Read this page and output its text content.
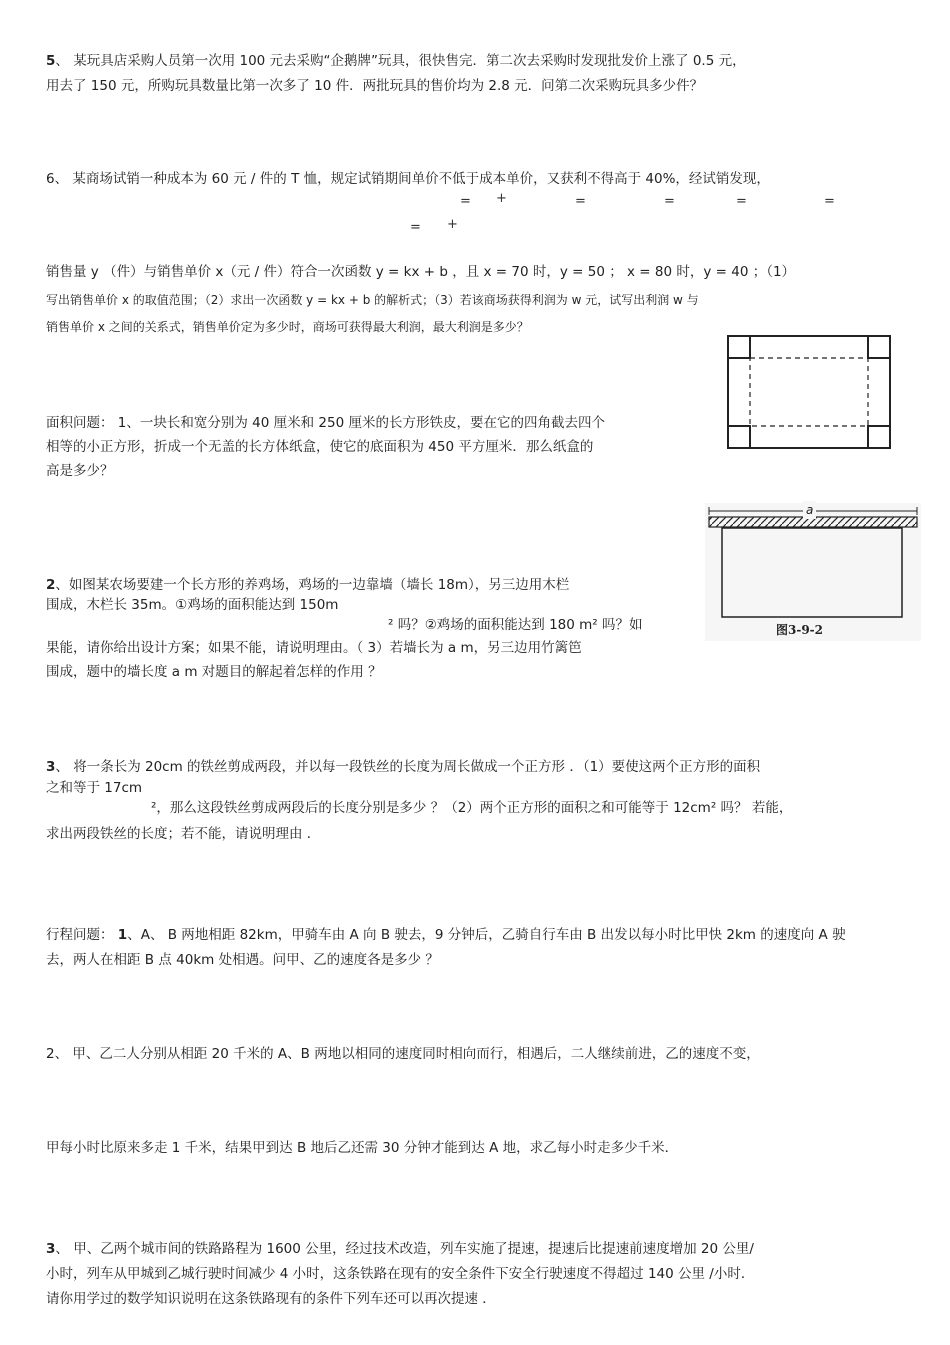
5、 某玩具店采购人员第一次用 100 元去采购“企鹅牌”玩具，很快售完．第二次去采购时发现批发价上涨了 0.5 元，
用去了 150 元，所购玩具数量比第一次多了 10 件．两批玩具的售价均为 2.8 元．问第二次采购玩具多少件？
6、 某商场试销一种成本为 60 元 / 件的 T 恤，规定试销期间单价不低于成本单价，又获利不得高于 40%，经试销发现，
= +	=	=	=	=
= +
销售量 y （件）与销售单价 x（元 / 件）符合一次函数 y = kx + b ，且 x = 70 时，y = 50 ； x = 80 时，y = 40 ；（1）
写出销售单价 x 的取值范围；（2）求出一次函数 y = kx + b 的解析式；（3）若该商场获得利润为 w 元，试写出利润 w 与
销售单价 x 之间的关系式，销售单价定为多少时，商场可获得最大利润，最大利润是多少？
面积问题： 1、一块长和宽分别为 40 厘米和 250 厘米的长方形铁皮，要在它的四角截去四个
相等的小正方形，折成一个无盖的长方体纸盒，使它的底面积为 450 平方厘米．那么纸盒的
高是多少？
a
图3-9-2
2、如图某农场要建一个长方形的养鸡场，鸡场的一边靠墙（墙长 18m），另三边用木栏
围成，木栏长 35m。①鸡场的面积能达到 150m
² 吗？②鸡场的面积能达到 180 m² 吗？如
果能，请你给出设计方案；如果不能，请说明理由。（ 3）若墙长为 a m，另三边用竹篱笆
围成，题中的墙长度 a m 对题目的解起着怎样的作用 ？
3、 将一条长为 20cm 的铁丝剪成两段，并以每一段铁丝的长度为周长做成一个正方形 ．（1）要使这两个正方形的面积
之和等于 17cm
²，那么这段铁丝剪成两段后的长度分别是多少 ？（2）两个正方形的面积之和可能等于 12cm² 吗？ 若能，
求出两段铁丝的长度；若不能，请说明理由 ．
行程问题： 1、A、 B 两地相距 82km，甲骑车由 A 向 B 驶去，9 分钟后，乙骑自行车由 B 出发以每小时比甲快 2km 的速度向 A 驶
去，两人在相距 B 点 40km 处相遇。问甲、乙的速度各是多少 ？
2、 甲、乙二人分别从相距 20 千米的 A、B 两地以相同的速度同时相向而行，相遇后，二人继续前进，乙的速度不变，
甲每小时比原来多走 1 千米，结果甲到达 B 地后乙还需 30 分钟才能到达 A 地，求乙每小时走多少千米．
3、 甲、乙两个城市间的铁路路程为 1600 公里，经过技术改造，列车实施了提速，提速后比提速前速度增加 20 公里/
小时，列车从甲城到乙城行驶时间减少 4 小时，这条铁路在现有的安全条件下安全行驶速度不得超过 140 公里 /小时．
请你用学过的数学知识说明在这条铁路现有的条件下列车还可以再次提速 ．
